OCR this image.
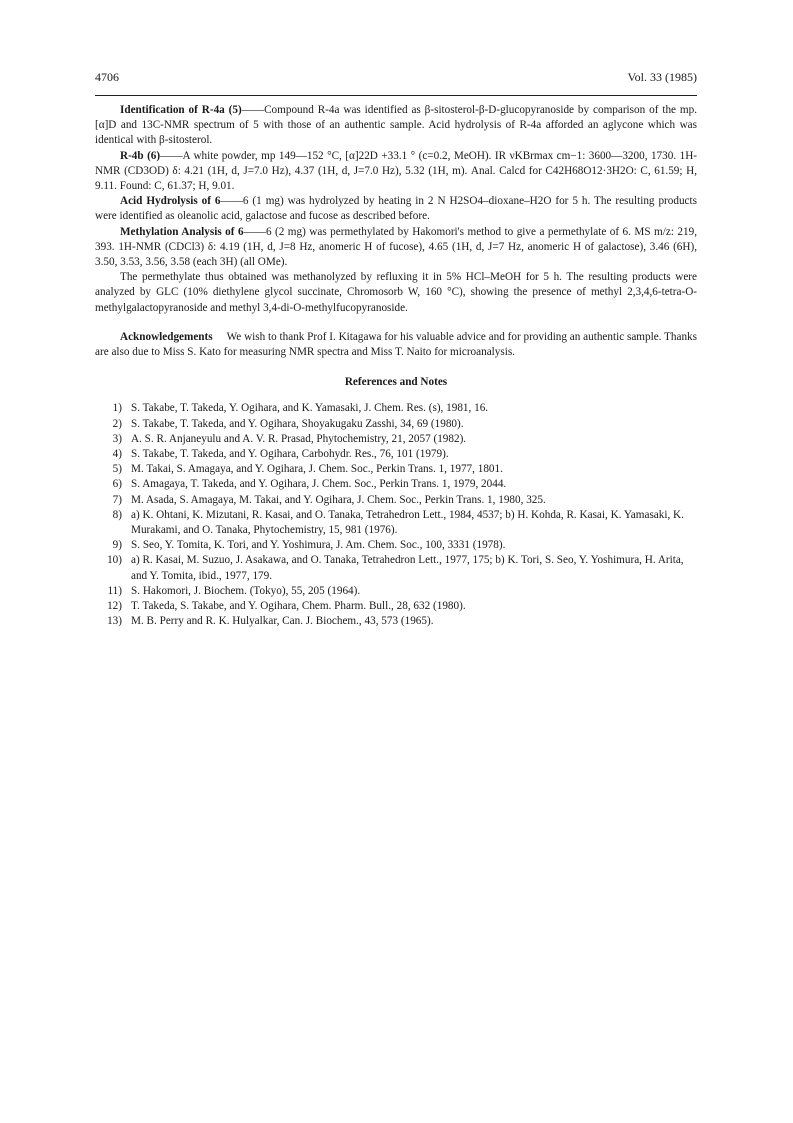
4706	Vol. 33 (1985)

Identification of R-4a (5)——Compound R-4a was identified as β-sitosterol-β-D-glucopyranoside by comparison of the mp. [α]D and 13C-NMR spectrum of 5 with those of an authentic sample. Acid hydrolysis of R-4a afforded an aglycone which was identical with β-sitosterol.

R-4b (6)——A white powder, mp 149—152 °C, [α]22D +33.1 ° (c=0.2, MeOH). IR νKBrmax cm−1: 3600—3200, 1730. 1H-NMR (CD3OD) δ: 4.21 (1H, d, J=7.0 Hz), 4.37 (1H, d, J=7.0 Hz), 5.32 (1H, m). Anal. Calcd for C42H68O12·3H2O: C, 61.59; H, 9.11. Found: C, 61.37; H, 9.01.

Acid Hydrolysis of 6——6 (1 mg) was hydrolyzed by heating in 2 N H2SO4–dioxane–H2O for 5 h. The resulting products were identified as oleanolic acid, galactose and fucose as described before.

Methylation Analysis of 6——6 (2 mg) was permethylated by Hakomori's method to give a permethylate of 6. MS m/z: 219, 393. 1H-NMR (CDCl3) δ: 4.19 (1H, d, J=8 Hz, anomeric H of fucose), 4.65 (1H, d, J=7 Hz, anomeric H of galactose), 3.46 (6H), 3.50, 3.53, 3.56, 3.58 (each 3H) (all OMe).

The permethylate thus obtained was methanolyzed by refluxing it in 5% HCl–MeOH for 5 h. The resulting products were analyzed by GLC (10% diethylene glycol succinate, Chromosorb W, 160 °C), showing the presence of methyl 2,3,4,6-tetra-O-methylgalactopyranoside and methyl 3,4-di-O-methylfucopyranoside.

Acknowledgements We wish to thank Prof I. Kitagawa for his valuable advice and for providing an authentic sample. Thanks are also due to Miss S. Kato for measuring NMR spectra and Miss T. Naito for microanalysis.

References and Notes
1) S. Takabe, T. Takeda, Y. Ogihara, and K. Yamasaki, J. Chem. Res. (s), 1981, 16.
2) S. Takabe, T. Takeda, and Y. Ogihara, Shoyakugaku Zasshi, 34, 69 (1980).
3) A. S. R. Anjaneyulu and A. V. R. Prasad, Phytochemistry, 21, 2057 (1982).
4) S. Takabe, T. Takeda, and Y. Ogihara, Carbohydr. Res., 76, 101 (1979).
5) M. Takai, S. Amagaya, and Y. Ogihara, J. Chem. Soc., Perkin Trans. 1, 1977, 1801.
6) S. Amagaya, T. Takeda, and Y. Ogihara, J. Chem. Soc., Perkin Trans. 1, 1979, 2044.
7) M. Asada, S. Amagaya, M. Takai, and Y. Ogihara, J. Chem. Soc., Perkin Trans. 1, 1980, 325.
8) a) K. Ohtani, K. Mizutani, R. Kasai, and O. Tanaka, Tetrahedron Lett., 1984, 4537; b) H. Kohda, R. Kasai, K. Yamasaki, K. Murakami, and O. Tanaka, Phytochemistry, 15, 981 (1976).
9) S. Seo, Y. Tomita, K. Tori, and Y. Yoshimura, J. Am. Chem. Soc., 100, 3331 (1978).
10) a) R. Kasai, M. Suzuo, J. Asakawa, and O. Tanaka, Tetrahedron Lett., 1977, 175; b) K. Tori, S. Seo, Y. Yoshimura, H. Arita, and Y. Tomita, ibid., 1977, 179.
11) S. Hakomori, J. Biochem. (Tokyo), 55, 205 (1964).
12) T. Takeda, S. Takabe, and Y. Ogihara, Chem. Pharm. Bull., 28, 632 (1980).
13) M. B. Perry and R. K. Hulyalkar, Can. J. Biochem., 43, 573 (1965).
